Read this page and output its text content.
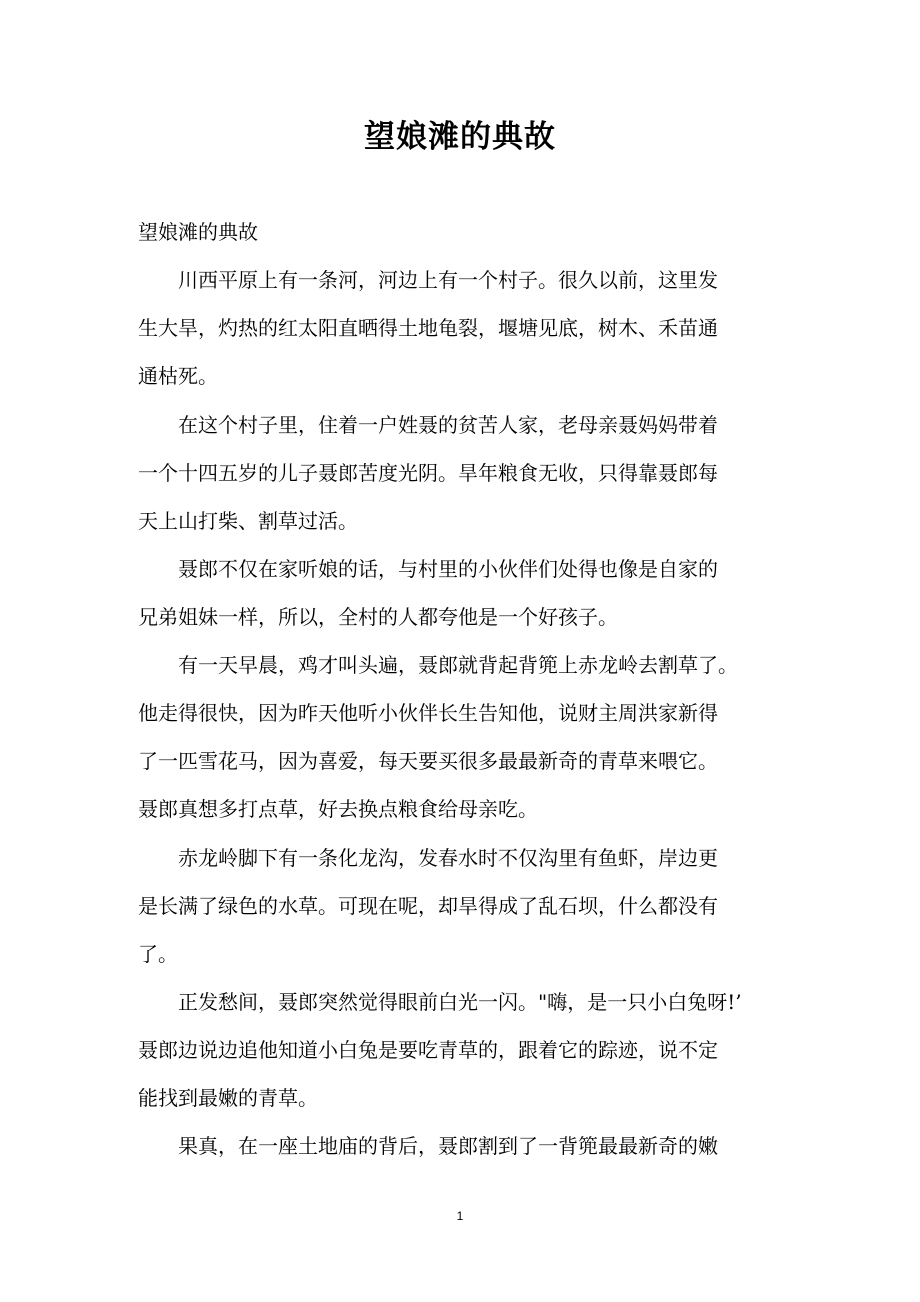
望娘滩的典故
望娘滩的典故
　　川西平原上有一条河，河边上有一个村子。很久以前，这里发
生大旱，灼热的红太阳直晒得土地龟裂，堰塘见底，树木、禾苗通
通枯死。
　　在这个村子里，住着一户姓聂的贫苦人家，老母亲聂妈妈带着
一个十四五岁的儿子聂郎苦度光阴。旱年粮食无收，只得靠聂郎每
天上山打柴、割草过活。
　　聂郎不仅在家听娘的话，与村里的小伙伴们处得也像是自家的
兄弟姐妹一样，所以，全村的人都夸他是一个好孩子。
　　有一天早晨，鸡才叫头遍，聂郎就背起背篼上赤龙岭去割草了。
他走得很快，因为昨天他听小伙伴长生告知他，说财主周洪家新得
了一匹雪花马，因为喜爱，每天要买很多最最新奇的青草来喂它。
聂郎真想多打点草，好去换点粮食给母亲吃。
　　赤龙岭脚下有一条化龙沟，发春水时不仅沟里有鱼虾，岸边更
是长满了绿色的水草。可现在呢，却旱得成了乱石坝，什么都没有
了。
　　正发愁间，聂郎突然觉得眼前白光一闪。"嗨，是一只小白兔呀!’
聂郎边说边追他知道小白兔是要吃青草的，跟着它的踪迹，说不定
能找到最嫩的青草。
　　果真，在一座土地庙的背后，聂郎割到了一背篼最最新奇的嫩
1
